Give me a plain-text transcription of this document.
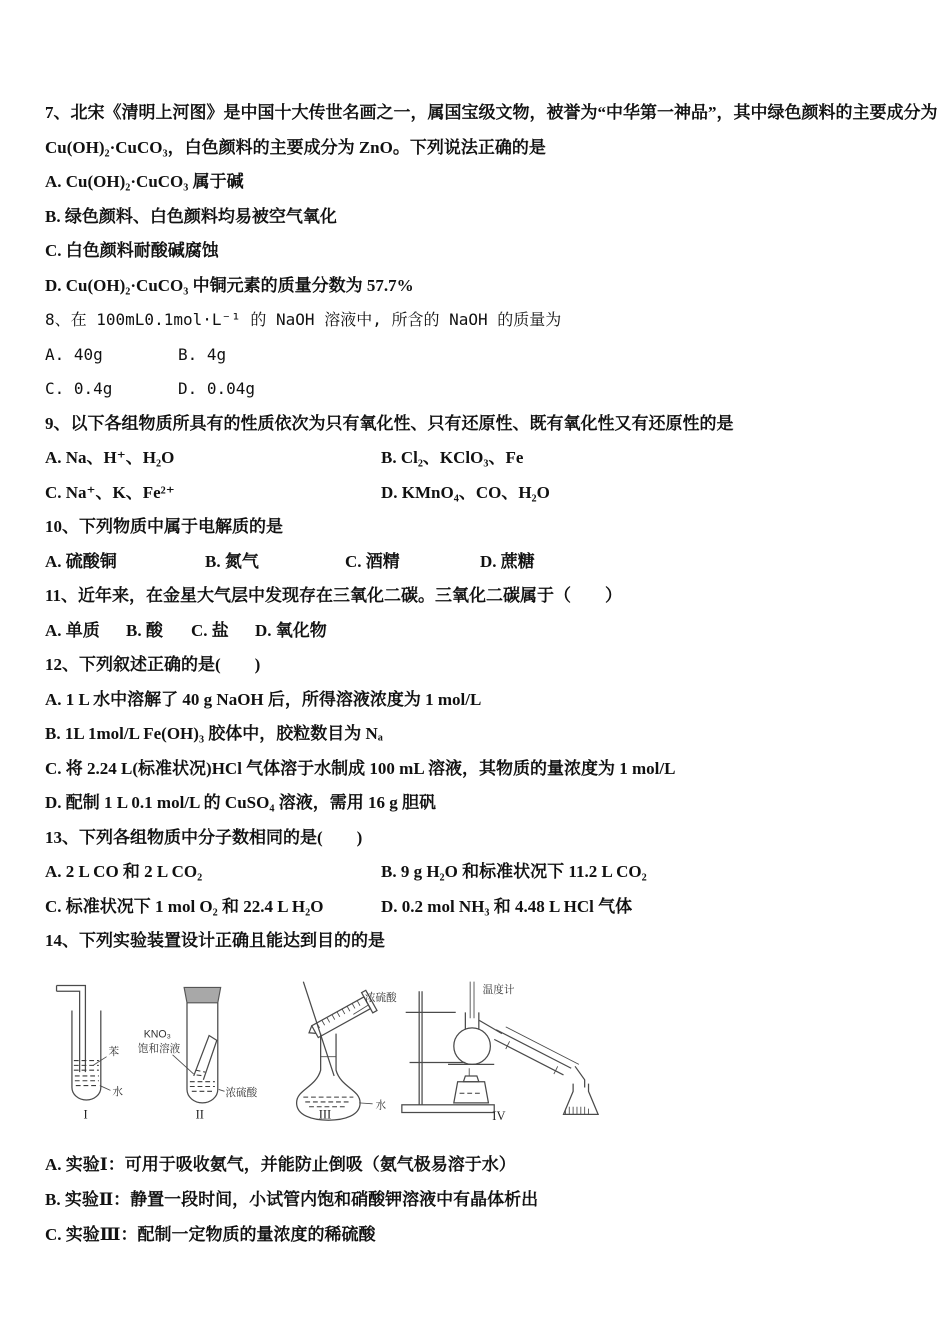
7、北宋《清明上河图》是中国十大传世名画之一，属国宝级文物，被誉为“中华第一神品”，其中绿色颜料的主要成分为
Cu(OH)₂·CuCO₃，白色颜料的主要成分为 ZnO。下列说法正确的是
A. Cu(OH)₂·CuCO₃ 属于碱
B. 绿色颜料、白色颜料均易被空气氧化
C. 白色颜料耐酸碱腐蚀
D. Cu(OH)₂·CuCO₃ 中铜元素的质量分数为 57.7%
8、在 100mL0.1mol·L⁻¹ 的 NaOH 溶液中, 所含的 NaOH 的质量为
A. 40g	B. 4g
C. 0.4g	D. 0.04g
9、以下各组物质所具有的性质依次为只有氧化性、只有还原性、既有氧化性又有还原性的是
A. Na、H⁺、H₂O	B. Cl₂、KClO₃、Fe
C. Na⁺、K、Fe²⁺	D. KMnO₄、CO、H₂O
10、下列物质中属于电解质的是
A. 硫酸铜	B. 氮气	C. 酒精	D. 蔗糖
11、近年来，在金星大气层中发现存在三氧化二碳。三氧化二碳属于（　　）
A. 单质	B. 酸	C. 盐	D. 氧化物
12、下列叙述正确的是(　　)
A. 1 L 水中溶解了 40 g NaOH 后，所得溶液浓度为 1 mol/L
B. 1L 1mol/L Fe(OH)₃ 胶体中，胶粒数目为 Nₐ
C. 将 2.24 L(标准状况)HCl 气体溶于水制成 100 mL 溶液，其物质的量浓度为 1 mol/L
D. 配制 1 L 0.1 mol/L 的 CuSO₄ 溶液，需用 16 g 胆矾
13、下列各组物质中分子数相同的是(　　)
A. 2 L CO 和 2 L CO₂	B. 9 g H₂O 和标准状况下 11.2 L CO₂
C. 标准状况下 1 mol O₂ 和 22.4 L H₂O	D. 0.2 mol NH₃ 和 4.48 L HCl 气体
14、下列实验装置设计正确且能达到目的的是
苯
水
I
KNO₃
饱和溶液
浓硫酸
II
浓硫酸
水
III
温度计
IV
A. 实验Ⅰ：可用于吸收氨气，并能防止倒吸（氨气极易溶于水）
B. 实验Ⅱ：静置一段时间，小试管内饱和硝酸钾溶液中有晶体析出
C. 实验Ⅲ：配制一定物质的量浓度的稀硫酸
